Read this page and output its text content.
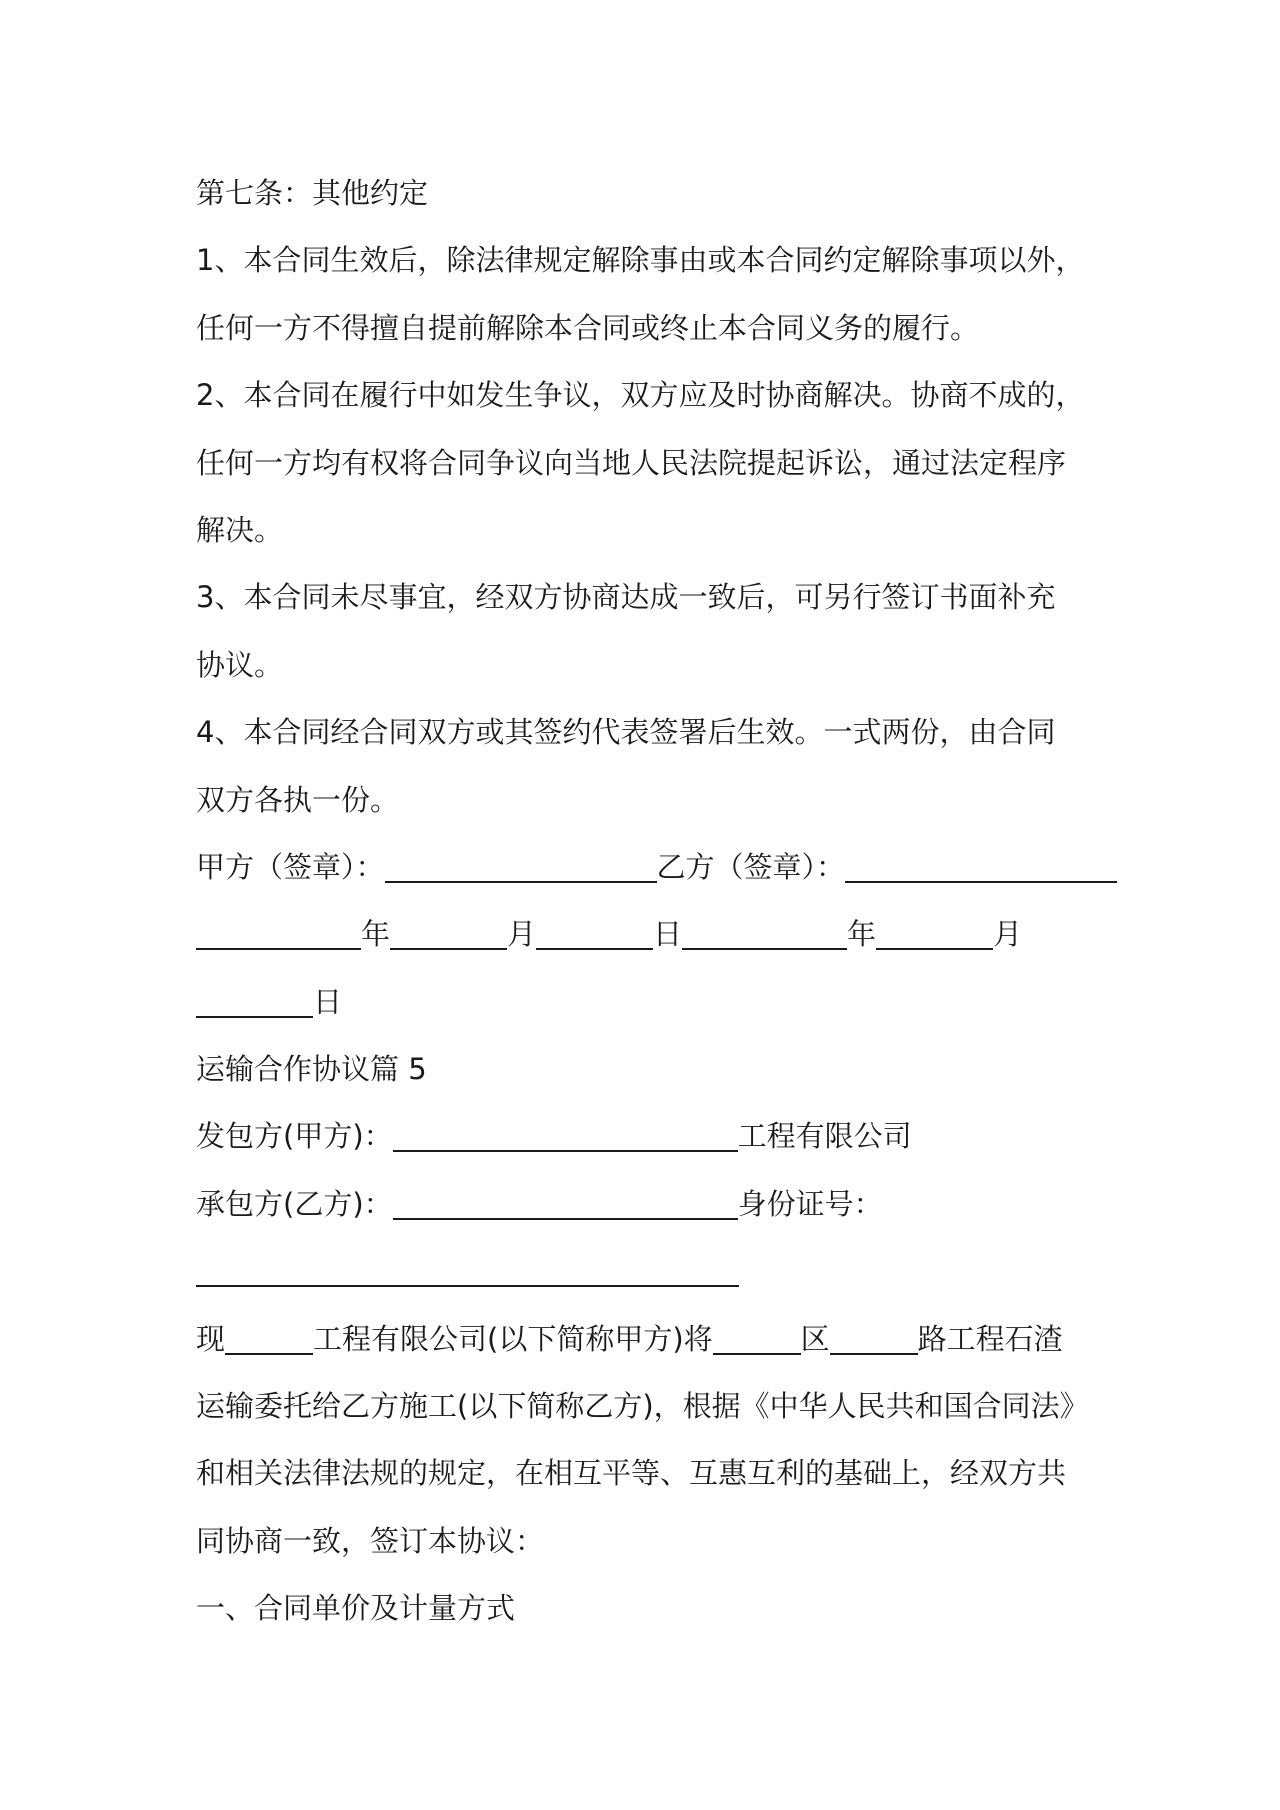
第七条：其他约定
1、本合同生效后，除法律规定解除事由或本合同约定解除事项以外，
任何一方不得擅自提前解除本合同或终止本合同义务的履行。
2、本合同在履行中如发生争议，双方应及时协商解决。协商不成的，
任何一方均有权将合同争议向当地人民法院提起诉讼，通过法定程序
解决。
3、本合同未尽事宜，经双方协商达成一致后，可另行签订书面补充
协议。
4、本合同经合同双方或其签约代表签署后生效。一式两份，由合同
双方各执一份。
甲方（签章）：	乙方（签章）：
年	月	日	年	月
日
运输合作协议篇 5
发包方(甲方)：	工程有限公司
承包方(乙方)：	身份证号：
现	工程有限公司(以下简称甲方)将	区	路工程石渣
运输委托给乙方施工(以下简称乙方)，根据《中华人民共和国合同法》
和相关法律法规的规定，在相互平等、互惠互利的基础上，经双方共
同协商一致，签订本协议：
一、合同单价及计量方式
